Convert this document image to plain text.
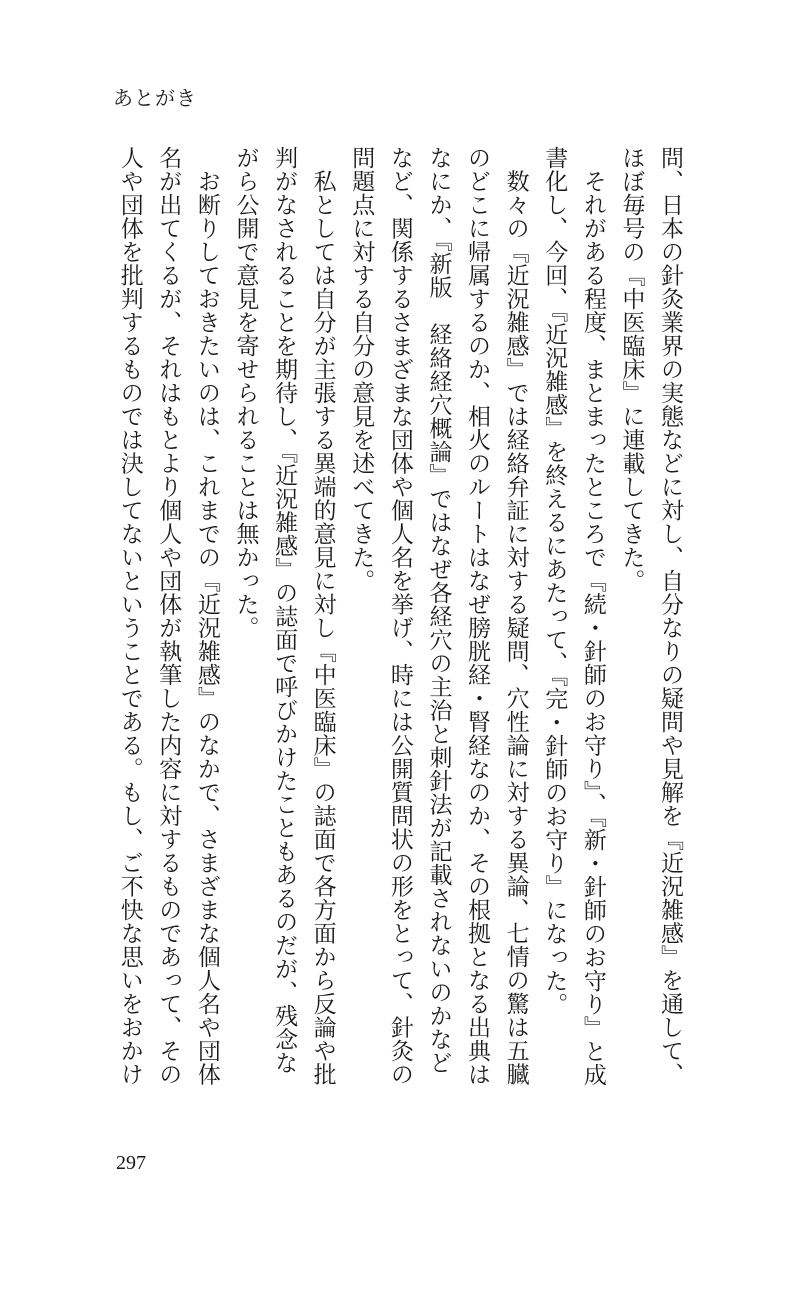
あとがき
問、日本の針灸業界の実態などに対し、自分なりの疑問や見解を『近況雑感』を通して、
ほぼ毎号の『中医臨床』に連載してきた。
　それがある程度、まとまったところで『続・針師のお守り』、『新・針師のお守り』と成
書化し、今回、『近況雑感』を終えるにあたって、『完・針師のお守り』になった。
　数々の『近況雑感』では経絡弁証に対する疑問、穴性論に対する異論、七情の驚は五臓
のどこに帰属するのか、相火のルートはなぜ膀胱経・腎経なのか、その根拠となる出典は
なにか、『新版　経絡経穴概論』ではなぜ各経穴の主治と刺針法が記載されないのかなど
など、関係するさまざまな団体や個人名を挙げ、時には公開質問状の形をとって、針灸の
問題点に対する自分の意見を述べてきた。
　私としては自分が主張する異端的意見に対し『中医臨床』の誌面で各方面から反論や批
判がなされることを期待し、『近況雑感』の誌面で呼びかけたこともあるのだが、残念な
がら公開で意見を寄せられることは無かった。
　お断りしておきたいのは、これまでの『近況雑感』のなかで、さまざまな個人名や団体
名が出てくるが、それはもとより個人や団体が執筆した内容に対するものであって、その
人や団体を批判するものでは決してないということである。もし、ご不快な思いをおかけ
297
